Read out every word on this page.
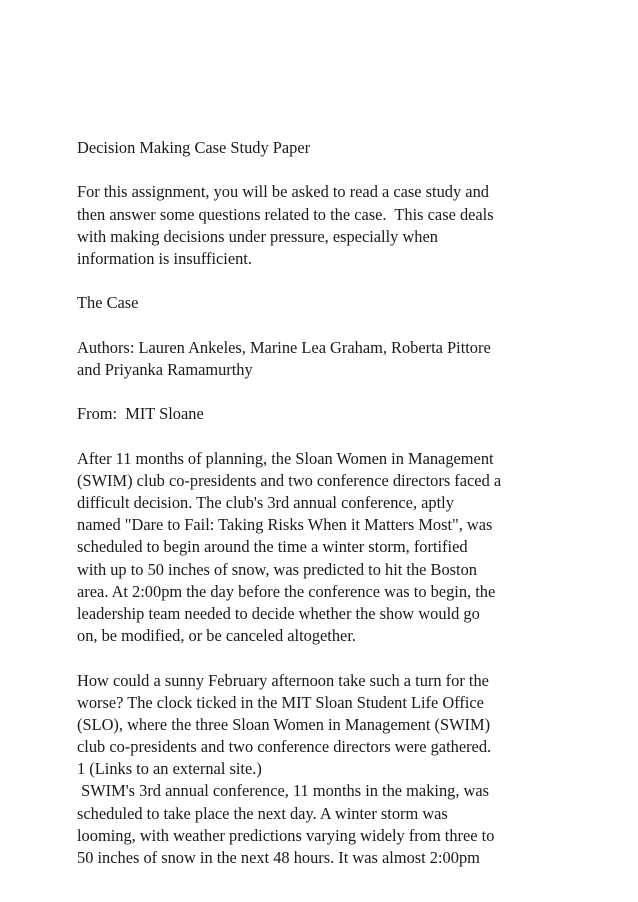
Decision Making Case Study Paper
For this assignment, you will be asked to read a case study and
then answer some questions related to the case.  This case deals
with making decisions under pressure, especially when
information is insufficient.
The Case
Authors: Lauren Ankeles, Marine Lea Graham, Roberta Pittore
and Priyanka Ramamurthy
From:  MIT Sloane
After 11 months of planning, the Sloan Women in Management
(SWIM) club co-presidents and two conference directors faced a
difficult decision. The club's 3rd annual conference, aptly
named "Dare to Fail: Taking Risks When it Matters Most", was
scheduled to begin around the time a winter storm, fortified
with up to 50 inches of snow, was predicted to hit the Boston
area. At 2:00pm the day before the conference was to begin, the
leadership team needed to decide whether the show would go
on, be modified, or be canceled altogether.
How could a sunny February afternoon take such a turn for the
worse? The clock ticked in the MIT Sloan Student Life Office
(SLO), where the three Sloan Women in Management (SWIM)
club co-presidents and two conference directors were gathered.
1 (Links to an external site.)
SWIM's 3rd annual conference, 11 months in the making, was
scheduled to take place the next day. A winter storm was
looming, with weather predictions varying widely from three to
50 inches of snow in the next 48 hours. It was almost 2:00pm
